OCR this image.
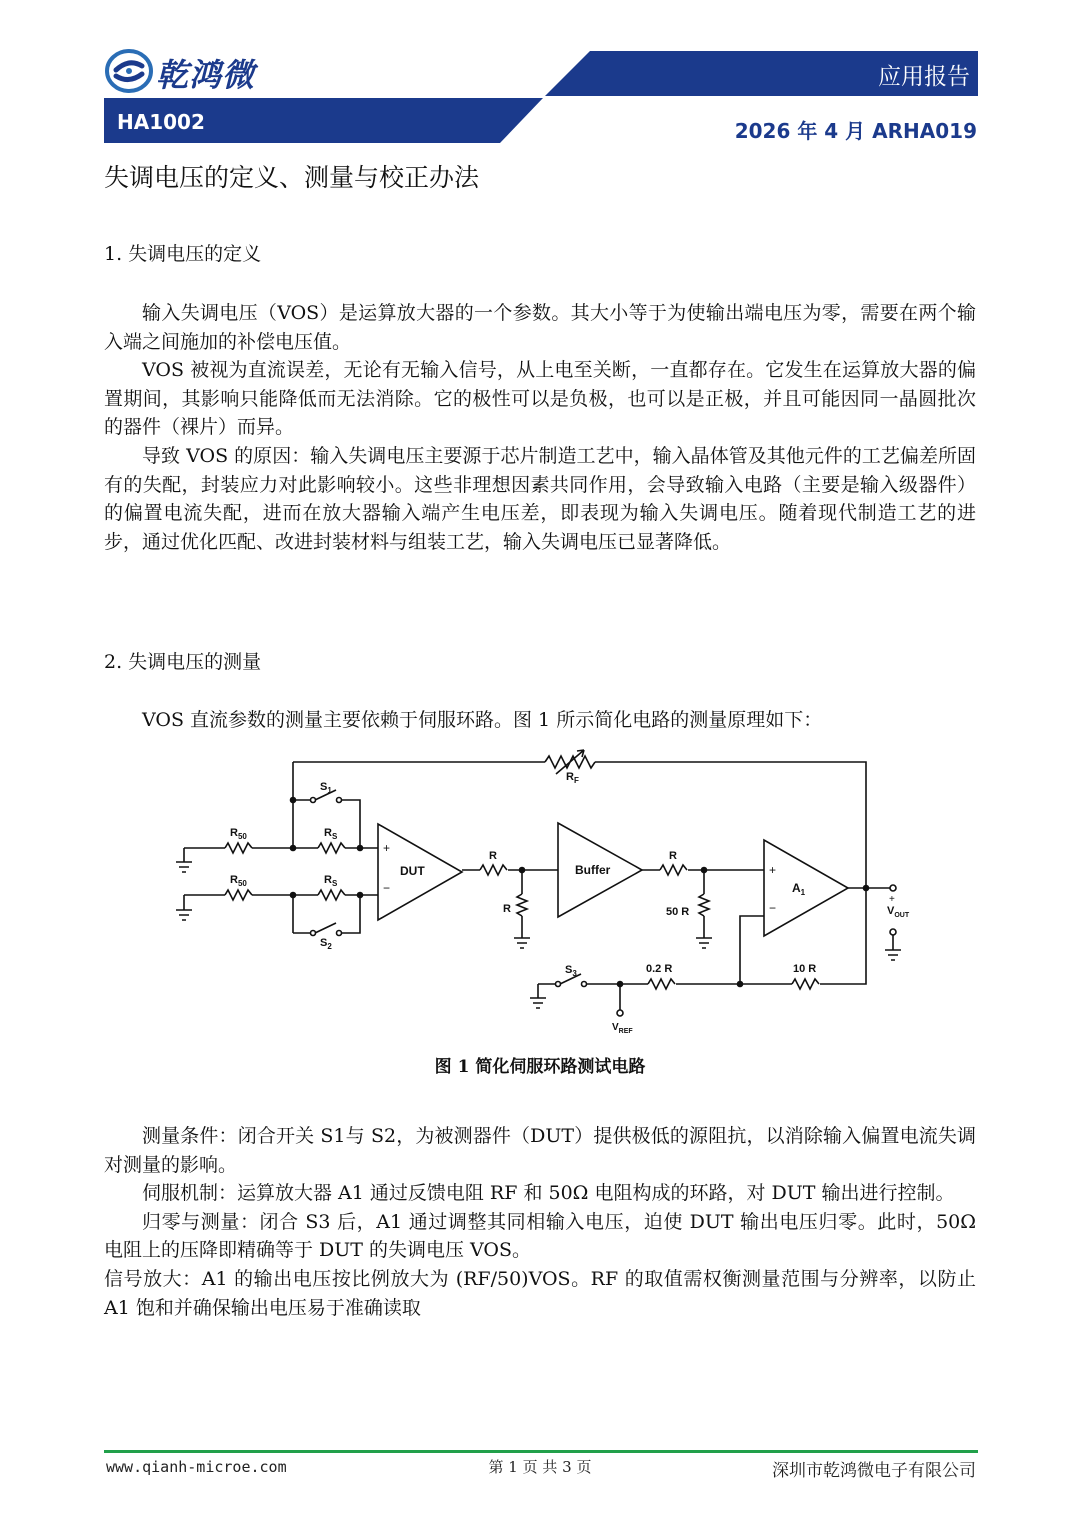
乾鸿微	应用报告
HA1002	2026 年 4 月 ARHA019
失调电压的定义、测量与校正办法
1. 失调电压的定义

输入失调电压（VOS）是运算放大器的一个参数。其大小等于为使输出端电压为零，需要在两个输入端之间施加的补偿电压值。

VOS 被视为直流误差，无论有无输入信号，从上电至关断，一直都存在。它发生在运算放大器的偏置期间，其影响只能降低而无法消除。它的极性可以是负极，也可以是正极，并且可能因同一晶圆批次的器件（裸片）而异。

导致 VOS 的原因：输入失调电压主要源于芯片制造工艺中，输入晶体管及其他元件的工艺偏差所固有的失配，封装应力对此影响较小。这些非理想因素共同作用，会导致输入电路（主要是输入级器件）的偏置电流失配，进而在放大器输入端产生电压差，即表现为输入失调电压。随着现代制造工艺的进步，通过优化匹配、改进封装材料与组装工艺，输入失调电压已显著降低。

2. 失调电压的测量

VOS 直流参数的测量主要依赖于伺服环路。图 1 所示简化电路的测量原理如下：

$R_F$
$S_1$
$R_{50}$	$R_S$
$R_{50}$	$R_S$
$S_2$
+
−
DUT
R
R
Buffer
R
50 R
+
−
$A_1$
+
$V_{OUT}$
$S_3$	0.2 R	10 R
$V_{REF}$
图 1 简化伺服环路测试电路

测量条件：闭合开关 S1与 S2，为被测器件（DUT）提供极低的源阻抗，以消除输入偏置电流失调对测量的影响。

伺服机制：运算放大器 A1 通过反馈电阻 RF 和 50Ω 电阻构成的环路，对 DUT 输出进行控制。

归零与测量：闭合 S3 后，A1 通过调整其同相输入电压，迫使 DUT 输出电压归零。此时，50Ω 电阻上的压降即精确等于 DUT 的失调电压 VOS。

信号放大：A1 的输出电压按比例放大为 (RF/50)VOS。RF 的取值需权衡测量范围与分辨率，以防止 A1 饱和并确保输出电压易于准确读取

www.qianh-microe.com	第 1 页 共 3 页	深圳市乾鸿微电子有限公司
